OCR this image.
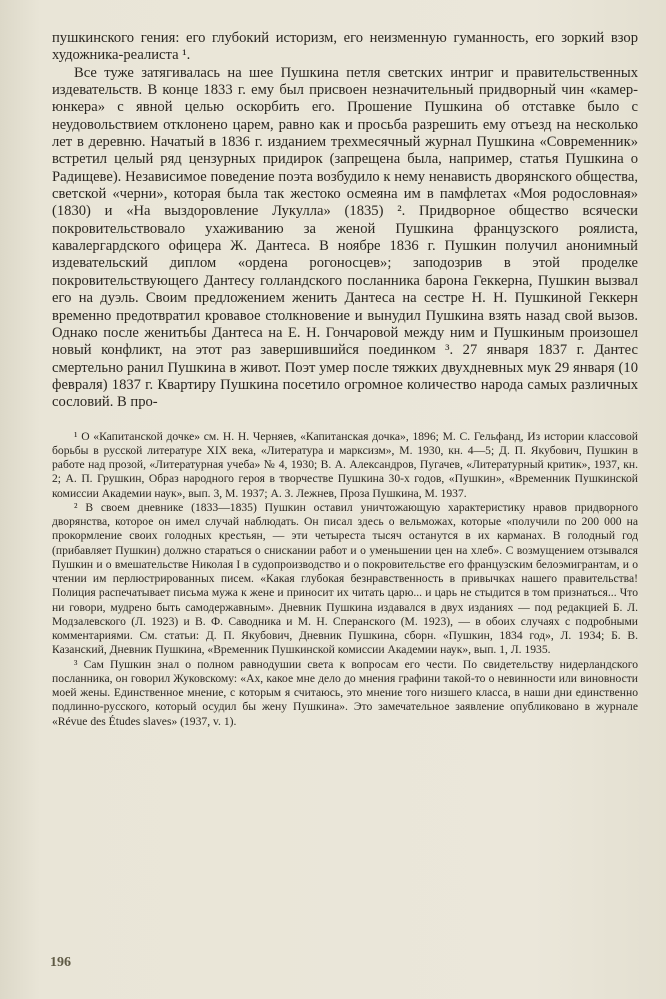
пушкинского гения: его глубокий историзм, его неизменную гуманность, его зоркий взор художника-реалиста ¹.

Все туже затягивалась на шее Пушкина петля светских интриг и правительственных издевательств. В конце 1833 г. ему был присвоен незначительный придворный чин «камер-юнкера» с явной целью оскорбить его. Прошение Пушкина об отставке было с неудовольствием отклонено царем, равно как и просьба разрешить ему отъезд на несколько лет в деревню. Начатый в 1836 г. изданием трехмесячный журнал Пушкина «Современник» встретил целый ряд цензурных придирок (запрещена была, например, статья Пушкина о Радищеве). Независимое поведение поэта возбудило к нему ненависть дворянского общества, светской «черни», которая была так жестоко осмеяна им в памфлетах «Моя родословная» (1830) и «На выздоровление Лукулла» (1835) ². Придворное общество всячески покровительствовало ухаживанию за женой Пушкина французского роялиста, кавалергардского офицера Ж. Дантеса. В ноябре 1836 г. Пушкин получил анонимный издевательский диплом «ордена рогоносцев»; заподозрив в этой проделке покровительствующего Дантесу голландского посланника барона Геккерна, Пушкин вызвал его на дуэль. Своим предложением женить Дантеса на сестре Н. Н. Пушкиной Геккерн временно предотвратил кровавое столкновение и вынудил Пушкина взять назад свой вызов. Однако после женитьбы Дантеса на Е. Н. Гончаровой между ним и Пушкиным произошел новый конфликт, на этот раз завершившийся поединком ³. 27 января 1837 г. Дантес смертельно ранил Пушкина в живот. Поэт умер после тяжких двухдневных мук 29 января (10 февраля) 1837 г. Квартиру Пушкина посетило огромное количество народа самых различных сословий. В про-

¹ О «Капитанской дочке» см. Н. Н. Черняев, «Капитанская дочка», 1896; М. С. Гельфанд, Из истории классовой борьбы в русской литературе XIX века, «Литература и марксизм», М. 1930, кн. 4—5; Д. П. Якубович, Пушкин в работе над прозой, «Литературная учеба» № 4, 1930; В. А. Александров, Пугачев, «Литературный критик», 1937, кн. 2; А. П. Грушкин, Образ народного героя в творчестве Пушкина 30-х годов, «Пушкин», «Временник Пушкинской комиссии Академии наук», вып. 3, М. 1937; А. З. Лежнев, Проза Пушкина, М. 1937.

² В своем дневнике (1833—1835) Пушкин оставил уничтожающую характеристику нравов придворного дворянства, которое он имел случай наблюдать. Он писал здесь о вельможах, которые «получили по 200 000 на прокормление своих голодных крестьян, — эти четыреста тысяч останутся в их карманах. В голодный год (прибавляет Пушкин) должно стараться о снискании работ и о уменьшении цен на хлеб». С возмущением отзывался Пушкин и о вмешательстве Николая I в судопроизводство и о покровительстве его французским белоэмигрантам, и о чтении им перлюстрированных писем. «Какая глубокая безнравственность в привычках нашего правительства! Полиция распечатывает письма мужа к жене и приносит их читать царю... и царь не стыдится в том признаться... Что ни говори, мудрено быть самодержавным». Дневник Пушкина издавался в двух изданиях — под редакцией Б. Л. Модзалевского (Л. 1923) и В. Ф. Саводника и М. Н. Сперанского (М. 1923), — в обоих случаях с подробными комментариями. См. статьи: Д. П. Якубович, Дневник Пушкина, сборн. «Пушкин, 1834 год», Л. 1934; Б. В. Казанский, Дневник Пушкина, «Временник Пушкинской комиссии Академии наук», вып. 1, Л. 1935.

³ Сам Пушкин знал о полном равнодушии света к вопросам его чести. По свидетельству нидерландского посланника, он говорил Жуковскому: «Ах, какое мне дело до мнения графини такой-то о невинности или виновности моей жены. Единственное мнение, с которым я считаюсь, это мнение того низшего класса, в наши дни единственно подлинно-русского, который осудил бы жену Пушкина». Это замечательное заявление опубликовано в журнале «Révue des Études slaves» (1937, v. 1).

196
